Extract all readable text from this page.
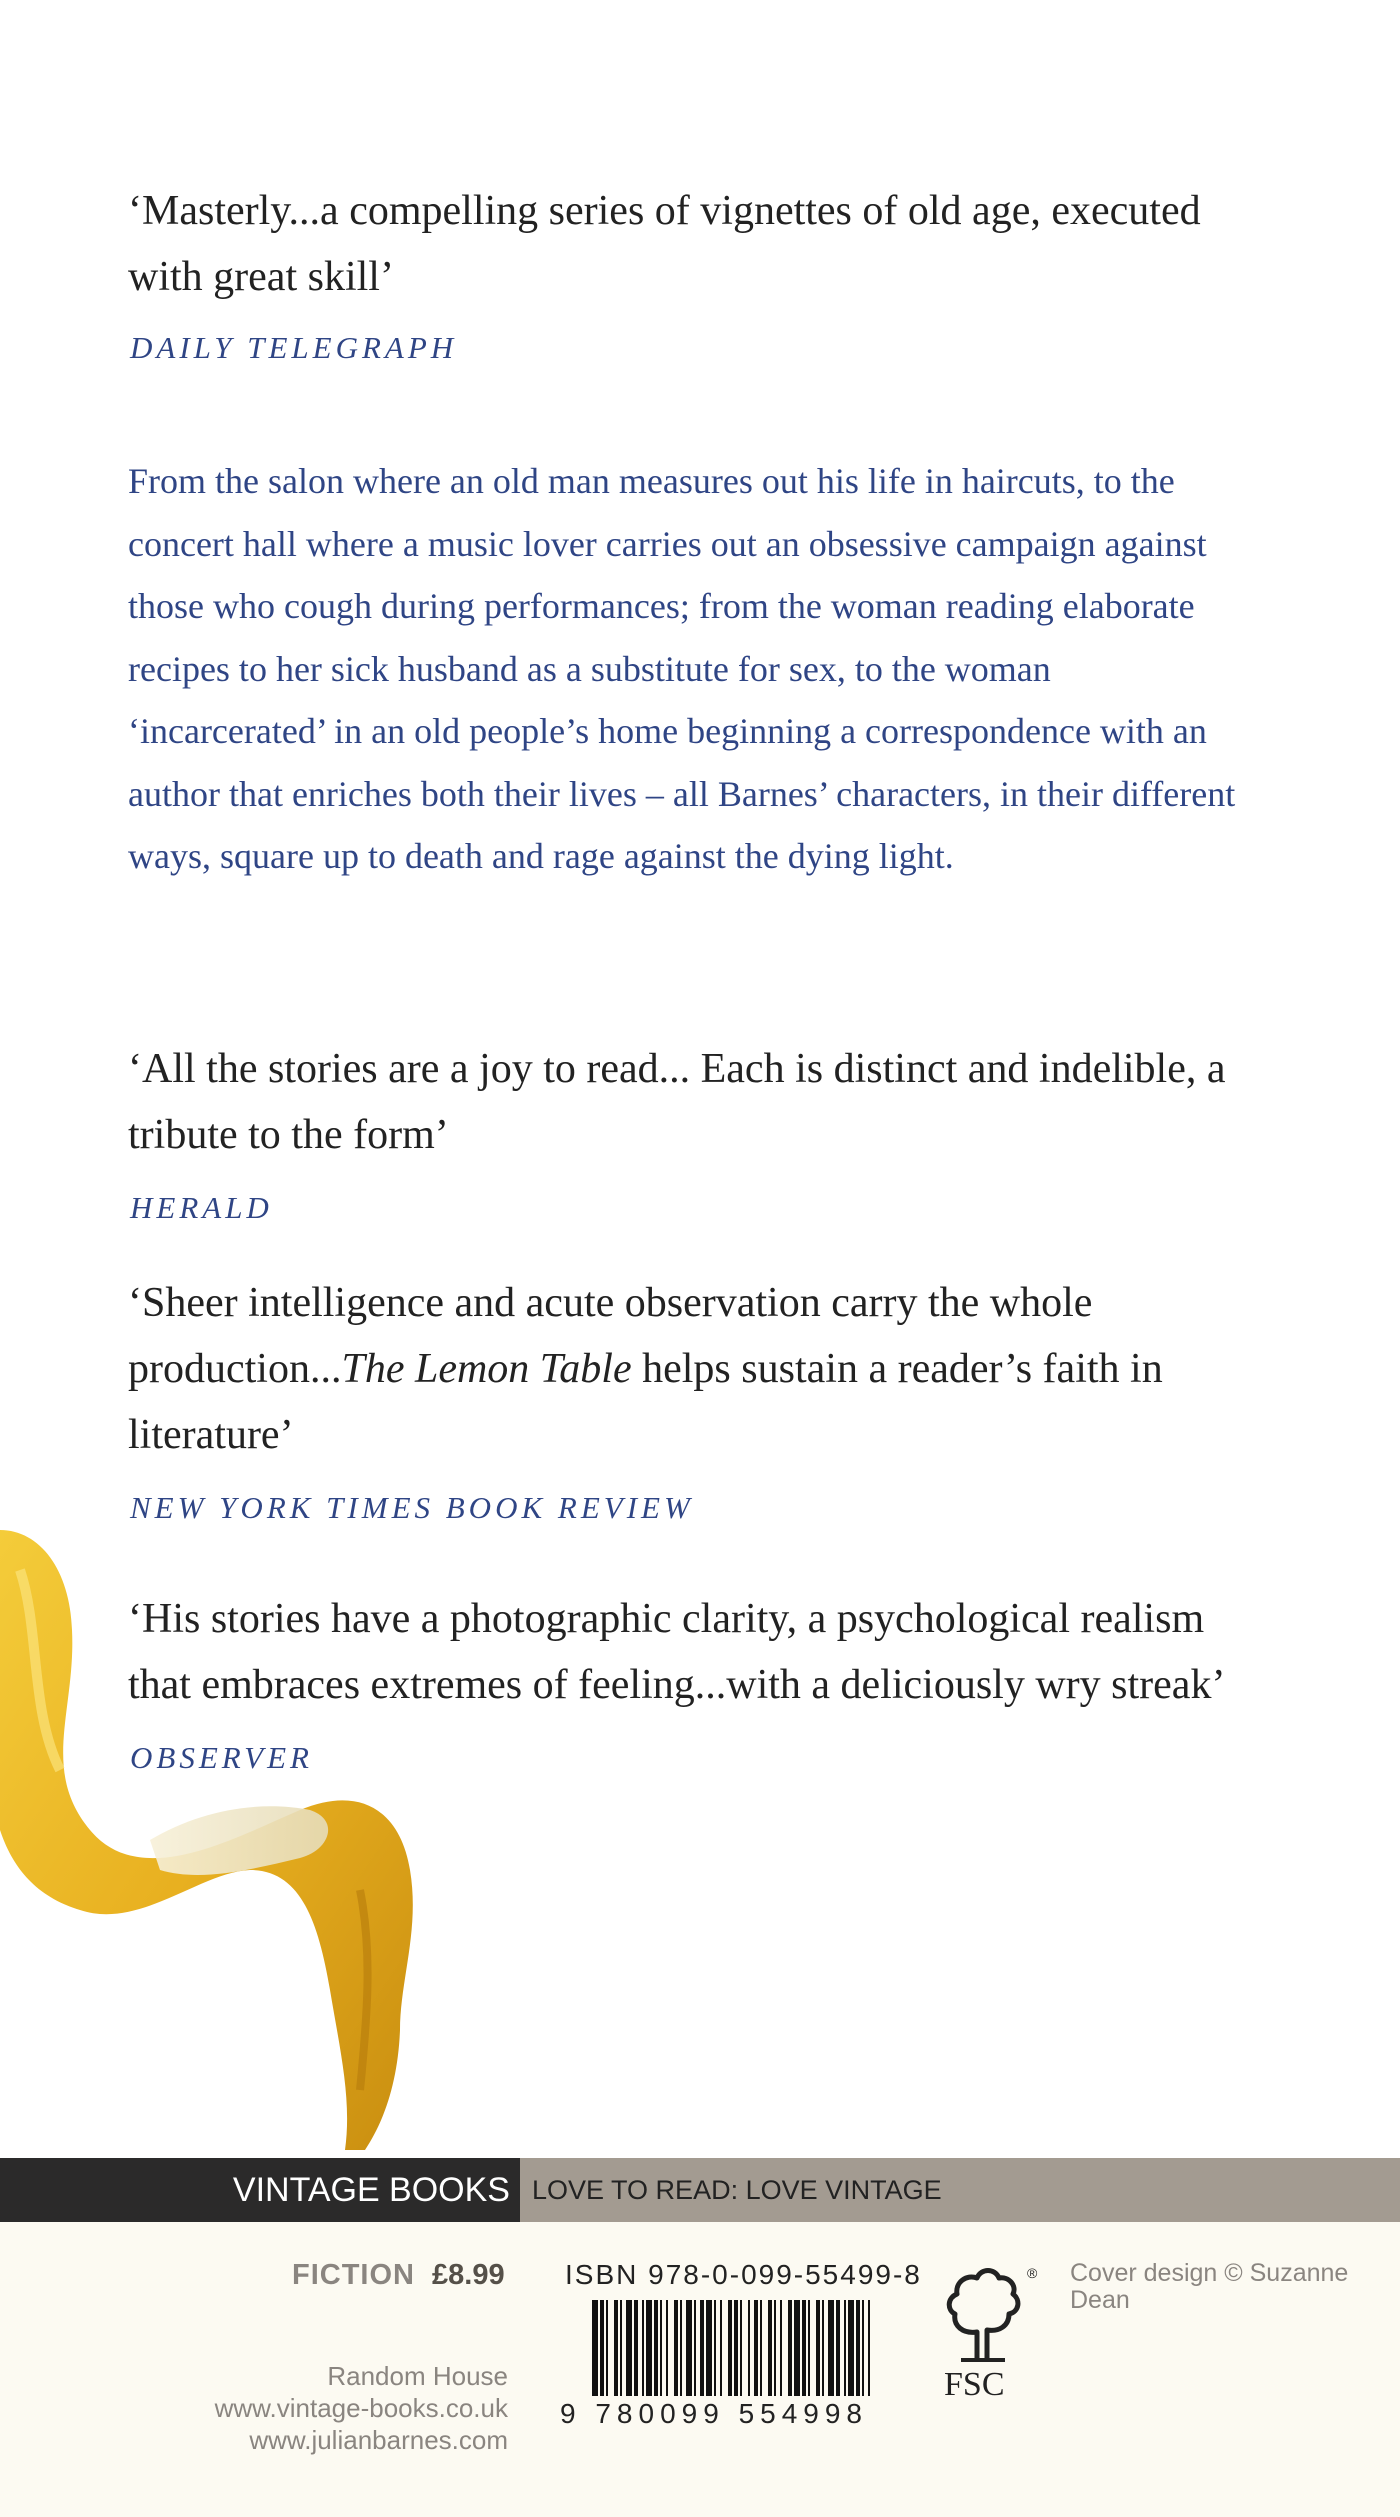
‘Masterly...a compelling series of vignettes of old age, executed with great skill’

DAILY TELEGRAPH

From the salon where an old man measures out his life in haircuts, to the concert hall where a music lover carries out an obsessive campaign against those who cough during performances; from the woman reading elaborate recipes to her sick husband as a substitute for sex, to the woman ‘incarcerated’ in an old people’s home beginning a correspondence with an author that enriches both their lives – all Barnes’ characters, in their different ways, square up to death and rage against the dying light.

‘All the stories are a joy to read... Each is distinct and indelible, a tribute to the form’

HERALD

‘Sheer intelligence and acute observation carry the whole production...The Lemon Table helps sustain a reader’s faith in literature’

NEW YORK TIMES BOOK REVIEW

‘His stories have a photographic clarity, a psychological realism that embraces extremes of feeling...with a deliciously wry streak’

OBSERVER

VINTAGE BOOKS LOVE TO READ: LOVE VINTAGE
FICTION £8.99
Random House
www.vintage-books.co.uk
www.julianbarnes.com
ISBN 978-0-099-55499-8
9 780099 554998
®
FSC
Cover design © Suzanne Dean
